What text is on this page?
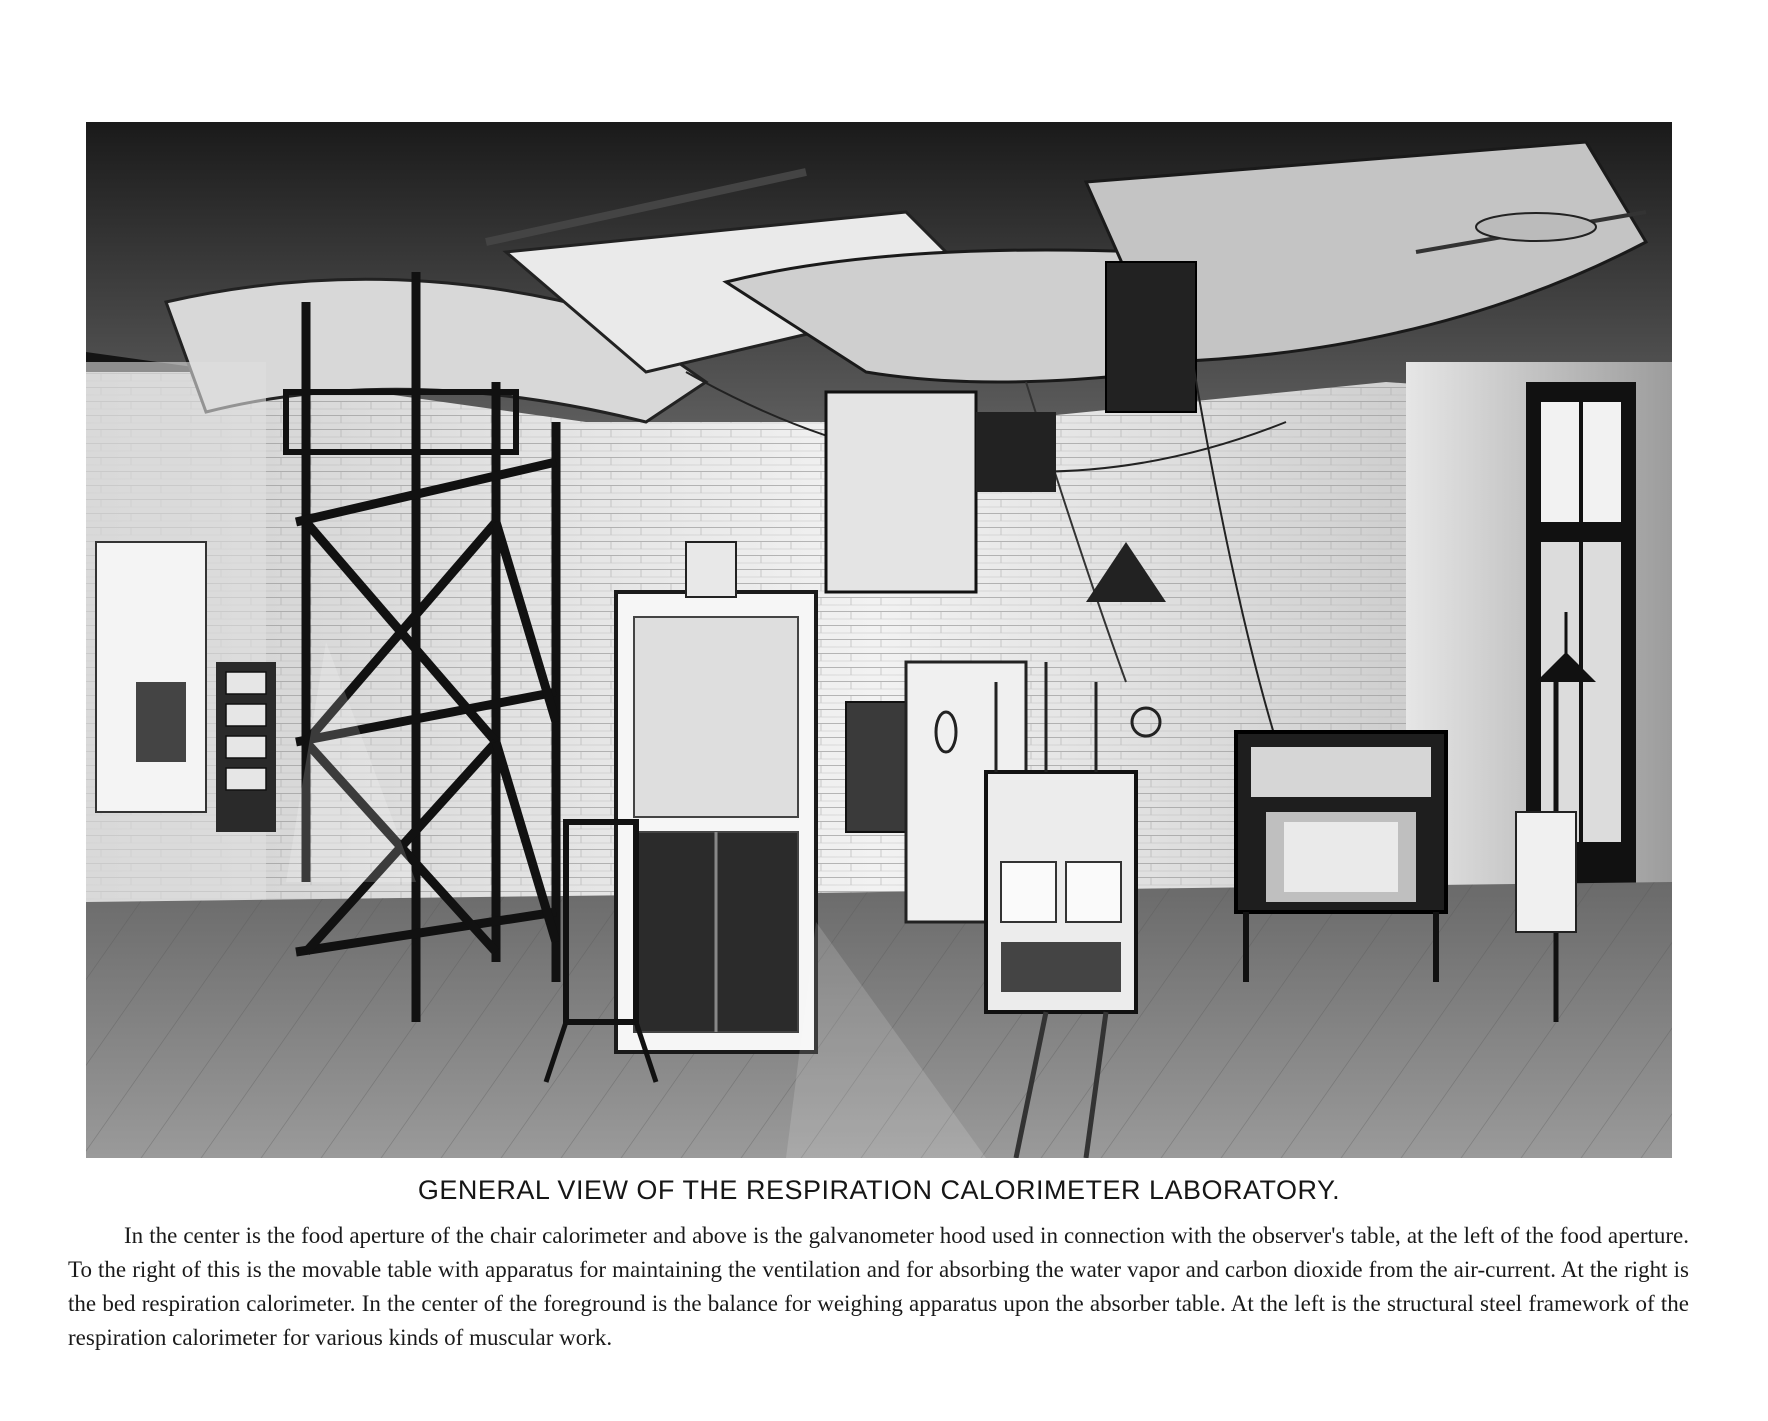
GENERAL VIEW OF THE RESPIRATION CALORIMETER LABORATORY.

In the center is the food aperture of the chair calorimeter and above is the galvanometer hood used in connection with the observer's table, at the left of the food aperture. To the right of this is the movable table with apparatus for maintaining the ventilation and for absorbing the water vapor and carbon dioxide from the air-current. At the right is the bed respiration calorimeter. In the center of the foreground is the balance for weighing apparatus upon the absorber table. At the left is the structural steel framework of the respiration calorimeter for various kinds of muscular work.
